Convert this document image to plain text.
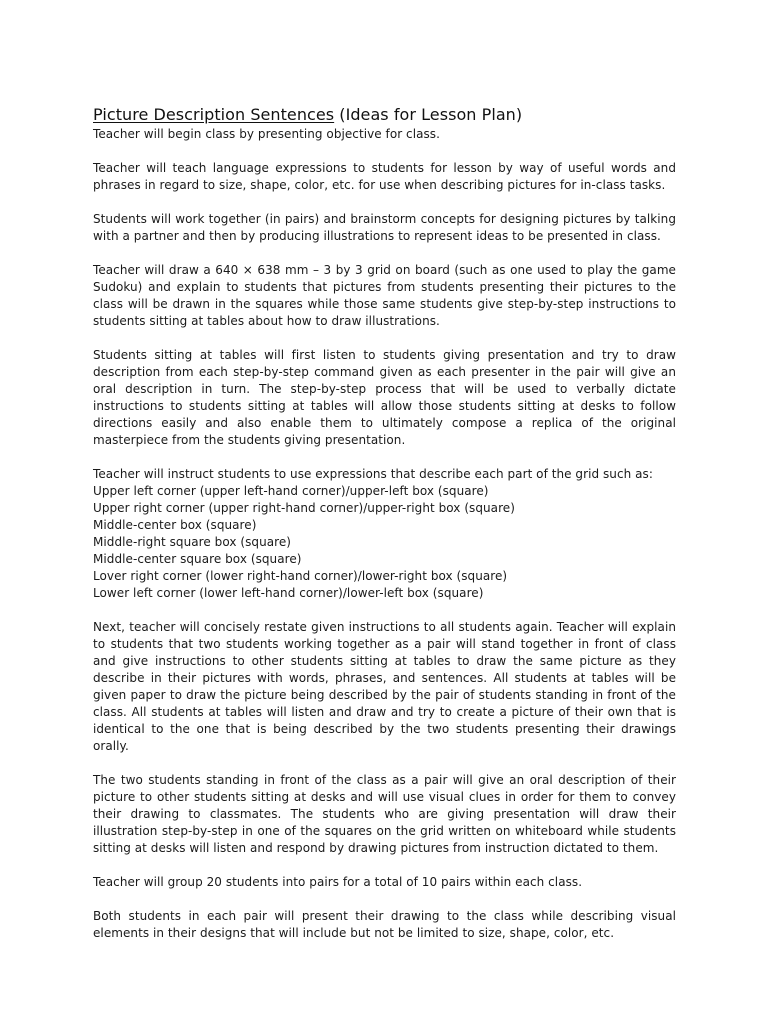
Picture Description Sentences (Ideas for Lesson Plan)

Teacher will begin class by presenting objective for class.

Teacher will teach language expressions to students for lesson by way of useful words and phrases in regard to size, shape, color, etc. for use when describing pictures for in-class tasks.

Students will work together (in pairs) and brainstorm concepts for designing pictures by talking with a partner and then by producing illustrations to represent ideas to be presented in class.

Teacher will draw a 640 × 638 mm – 3 by 3 grid on board (such as one used to play the game Sudoku) and explain to students that pictures from students presenting their pictures to the class will be drawn in the squares while those same students give step-by-step instructions to students sitting at tables about how to draw illustrations.

Students sitting at tables will first listen to students giving presentation and try to draw description from each step-by-step command given as each presenter in the pair will give an oral description in turn. The step-by-step process that will be used to verbally dictate instructions to students sitting at tables will allow those students sitting at desks to follow directions easily and also enable them to ultimately compose a replica of the original masterpiece from the students giving presentation.

Teacher will instruct students to use expressions that describe each part of the grid such as:

Upper left corner (upper left-hand corner)/upper-left box (square)
Upper right corner (upper right-hand corner)/upper-right box (square)
Middle-center box (square)
Middle-right square box (square)
Middle-center square box (square)
Lover right corner (lower right-hand corner)/lower-right box (square)
Lower left corner (lower left-hand corner)/lower-left box (square)

Next, teacher will concisely restate given instructions to all students again. Teacher will explain to students that two students working together as a pair will stand together in front of class and give instructions to other students sitting at tables to draw the same picture as they describe in their pictures with words, phrases, and sentences. All students at tables will be given paper to draw the picture being described by the pair of students standing in front of the class. All students at tables will listen and draw and try to create a picture of their own that is identical to the one that is being described by the two students presenting their drawings orally.

The two students standing in front of the class as a pair will give an oral description of their picture to other students sitting at desks and will use visual clues in order for them to convey their drawing to classmates. The students who are giving presentation will draw their illustration step-by-step in one of the squares on the grid written on whiteboard while students sitting at desks will listen and respond by drawing pictures from instruction dictated to them.

Teacher will group 20 students into pairs for a total of 10 pairs within each class.

Both students in each pair will present their drawing to the class while describing visual elements in their designs that will include but not be limited to size, shape, color, etc.
